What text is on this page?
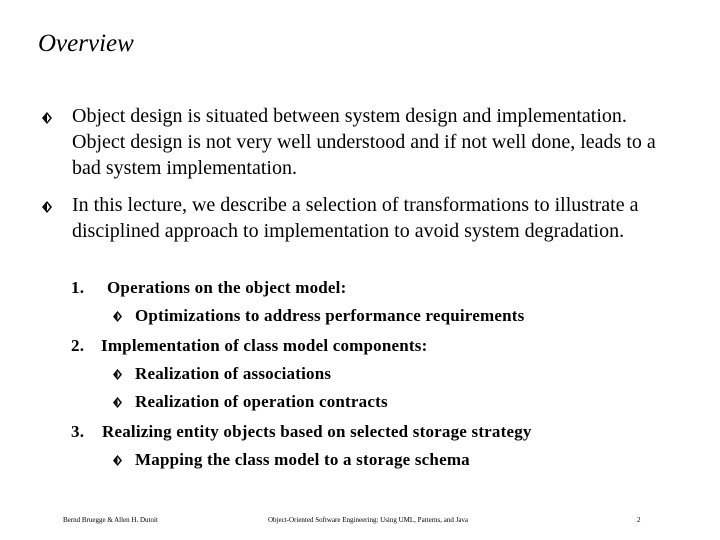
Overview
Object design is situated between system design and implementation. Object design is not very well understood and if not well done, leads to a bad system implementation.
In this lecture, we describe a selection of transformations to illustrate a disciplined approach to implementation to avoid system degradation.
1. Operations on the object model:
Optimizations to address performance requirements
2. Implementation of class model components:
Realization of associations
Realization of operation contracts
3. Realizing entity objects based on selected storage strategy
Mapping the class model to a storage schema
Bernd Bruegge & Allen H. Dutoit	Object-Oriented Software Engineering: Using UML, Patterns, and Java	2
